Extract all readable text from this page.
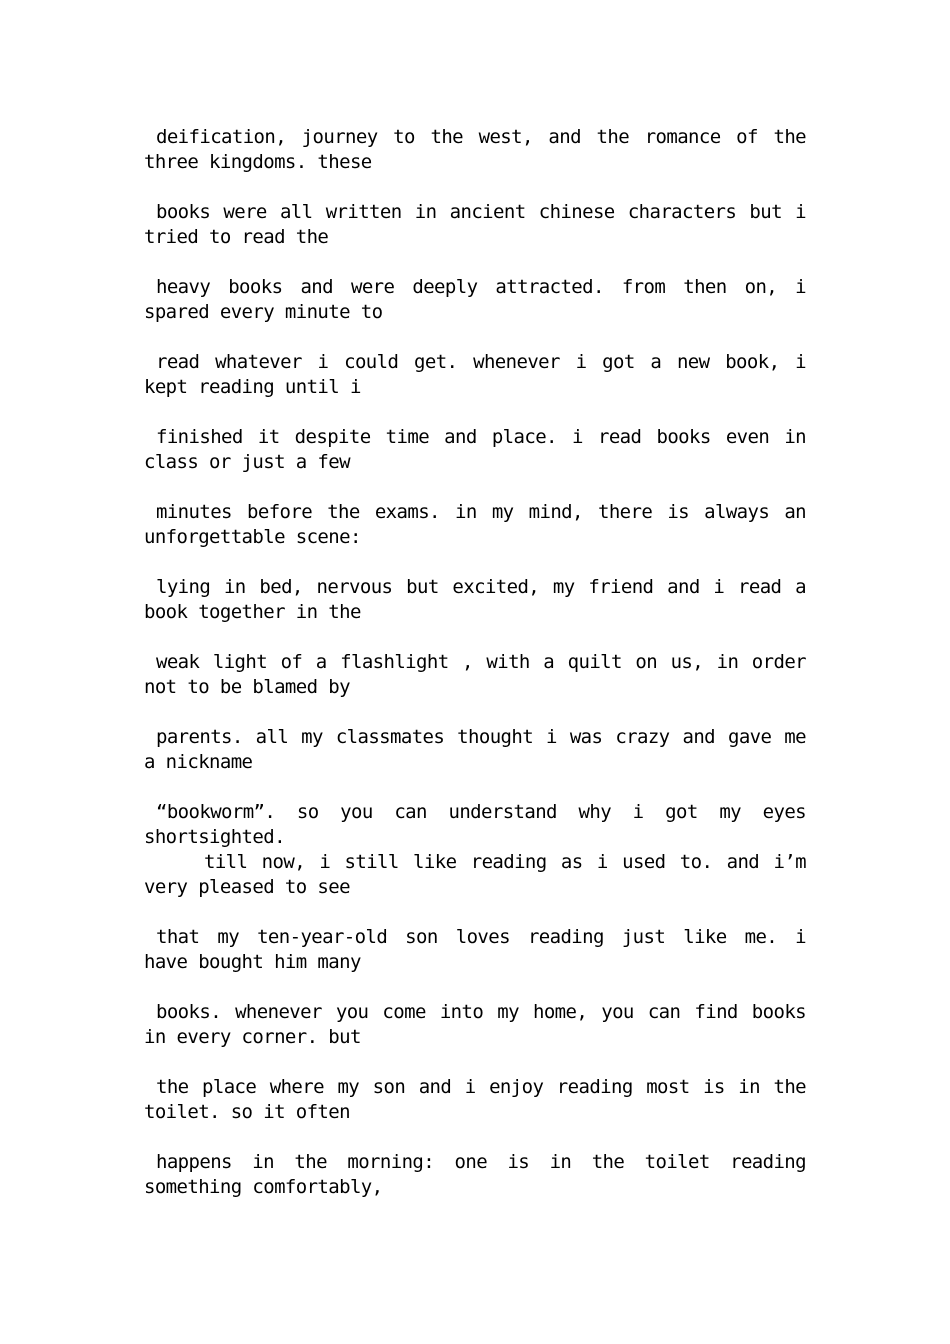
deification, journey to the west, and the romance of the
three kingdoms. these

books were all written in ancient chinese characters but i
tried to read the

heavy books and were deeply attracted. from then on, i
spared every minute to

read whatever i could get. whenever i got a new book, i
kept reading until i

finished it despite time and place. i read books even in
class or just a few

minutes before the exams. in my mind, there is always an
unforgettable scene:

lying in bed, nervous but excited, my friend and i read a
book together in the

weak light of a flashlight , with a quilt on us, in order
not to be blamed by

parents. all my classmates thought i was crazy and gave me
a nickname

“bookworm”. so you can understand why i got my eyes
shortsighted.

till now, i still like reading as i used to. and i’m
very pleased to see

that my ten-year-old son loves reading just like me. i
have bought him many

books. whenever you come into my home, you can find books
in every corner. but

the place where my son and i enjoy reading most is in the
toilet. so it often

happens in the morning: one is in the toilet reading
something comfortably,
